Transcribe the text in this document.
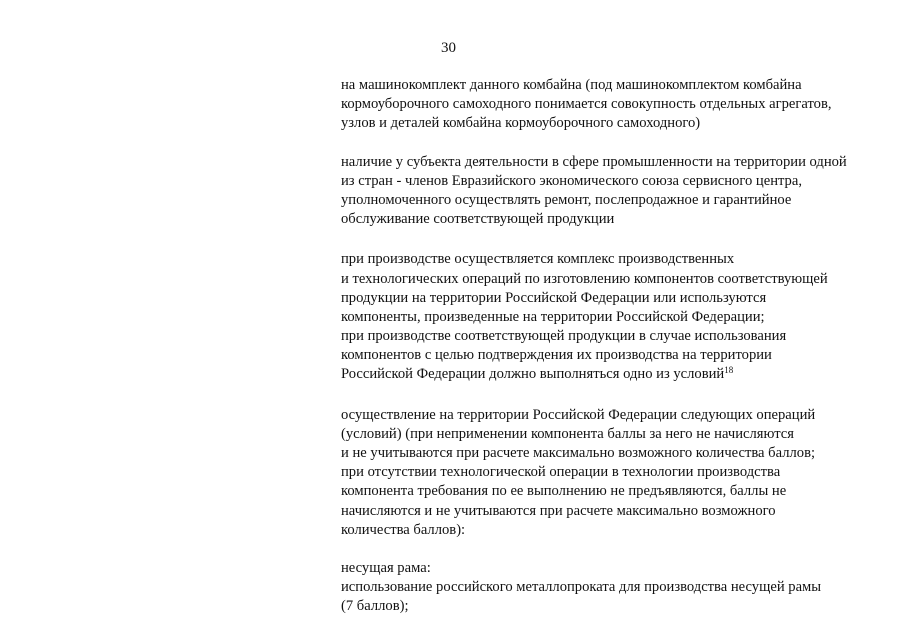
30
на машинокомплект данного комбайна (под машинокомплектом комбайна
кормоуборочного самоходного понимается совокупность отдельных агрегатов,
узлов и деталей комбайна кормоуборочного самоходного)
наличие у субъекта деятельности в сфере промышленности на территории одной
из стран - членов Евразийского экономического союза сервисного центра,
уполномоченного осуществлять ремонт, послепродажное и гарантийное
обслуживание соответствующей продукции
при производстве осуществляется комплекс производственных
и технологических операций по изготовлению компонентов соответствующей
продукции на территории Российской Федерации или используются
компоненты, произведенные на территории Российской Федерации;
при производстве соответствующей продукции в случае использования
компонентов с целью подтверждения их производства на территории
Российской Федерации должно выполняться одно из условий$^{18}$
осуществление на территории Российской Федерации следующих операций
(условий) (при неприменении компонента баллы за него не начисляются
и не учитываются при расчете максимально возможного количества баллов;
при отсутствии технологической операции в технологии производства
компонента требования по ее выполнению не предъявляются, баллы не
начисляются и не учитываются при расчете максимально возможного
количества баллов):
несущая рама:
использование российского металлопроката для производства несущей рамы
(7 баллов);
